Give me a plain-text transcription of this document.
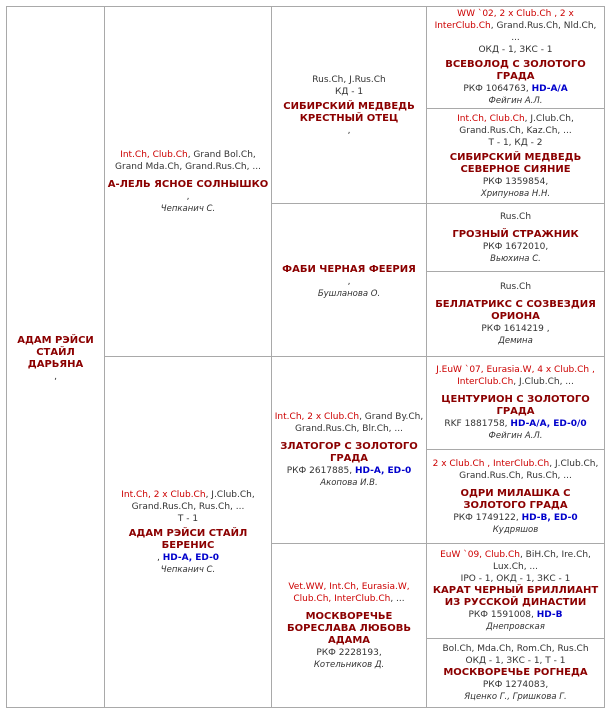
АДАМ РЭЙСИ СТАЙЛ ДАРЬЯНА
,
Int.Ch, Club.Ch, Grand Bol.Ch, Grand Mda.Ch, Grand.Rus.Ch, ...
А-ЛЕЛЬ ЯСНОЕ СОЛНЫШКО
,
Чепканич С.
Int.Ch, 2 x Club.Ch, J.Club.Ch, Grand.Rus.Ch, Rus.Ch, ...
Т - 1
АДАМ РЭЙСИ СТАЙЛ БЕРЕНИС
, HD-A, ED-0
Чепканич С.
Rus.Ch, J.Rus.Ch
КД - 1
СИБИРСКИЙ МЕДВЕДЬ КРЕСТНЫЙ ОТЕЦ
,
ФАБИ ЧЕРНАЯ ФЕЕРИЯ
,
Бушланова О.
Int.Ch, 2 x Club.Ch, Grand By.Ch, Grand.Rus.Ch, Blr.Ch, ...
ЗЛАТОГОР С ЗОЛОТОГО ГРАДА
РКФ 2617885, HD-A, ED-0
Акопова И.В.
Vet.WW, Int.Ch, Eurasia.W, Club.Ch, InterClub.Ch, ...
МОСКВОРЕЧЬЕ БОРЕСЛАВА ЛЮБОВЬ АДАМА
РКФ 2228193,
Котельников Д.
WW `02, 2 x Club.Ch , 2 x InterClub.Ch, Grand.Rus.Ch, Nld.Ch, ...
ОКД - 1, ЗКС - 1
ВСЕВОЛОД С ЗОЛОТОГО ГРАДА
РКФ 1064763, HD-A/A
Фейгин А.Л.
Int.Ch, Club.Ch, J.Club.Ch, Grand.Rus.Ch, Kaz.Ch, ...
Т - 1, КД - 2
СИБИРСКИЙ МЕДВЕДЬ СЕВЕРНОЕ СИЯНИЕ
РКФ 1359854,
Хрипунова Н.Н.
Rus.Ch
ГРОЗНЫЙ СТРАЖНИК
РКФ 1672010,
Вьюхина С.
Rus.Ch
БЕЛЛАТРИКС С СОЗВЕЗДИЯ ОРИОНА
РКФ 1614219 ,
Демина
J.EuW `07, Eurasia.W, 4 x Club.Ch , InterClub.Ch, J.Club.Ch, ...
ЦЕНТУРИОН С ЗОЛОТОГО ГРАДА
RKF 1881758, HD-A/A, ED-0/0
Фейгин А.Л.
2 x Club.Ch , InterClub.Ch, J.Club.Ch, Grand.Rus.Ch, Rus.Ch, ...
ОДРИ МИЛАШКА С ЗОЛОТОГО ГРАДА
РКФ 1749122, HD-B, ED-0
Кудряшов
EuW `09, Club.Ch, BiH.Ch, Ire.Ch, Lux.Ch, ...
IPO - 1, ОКД - 1, ЗКС - 1
КАРАТ ЧЕРНЫЙ БРИЛЛИАНТ ИЗ РУССКОЙ ДИНАСТИИ
РКФ 1591008, HD-B
Днепровская
Bol.Ch, Mda.Ch, Rom.Ch, Rus.Ch
ОКД - 1, ЗКС - 1, Т - 1
МОСКВОРЕЧЬЕ РОГНЕДА
РКФ 1274083,
Яценко Г., Гришкова Г.
